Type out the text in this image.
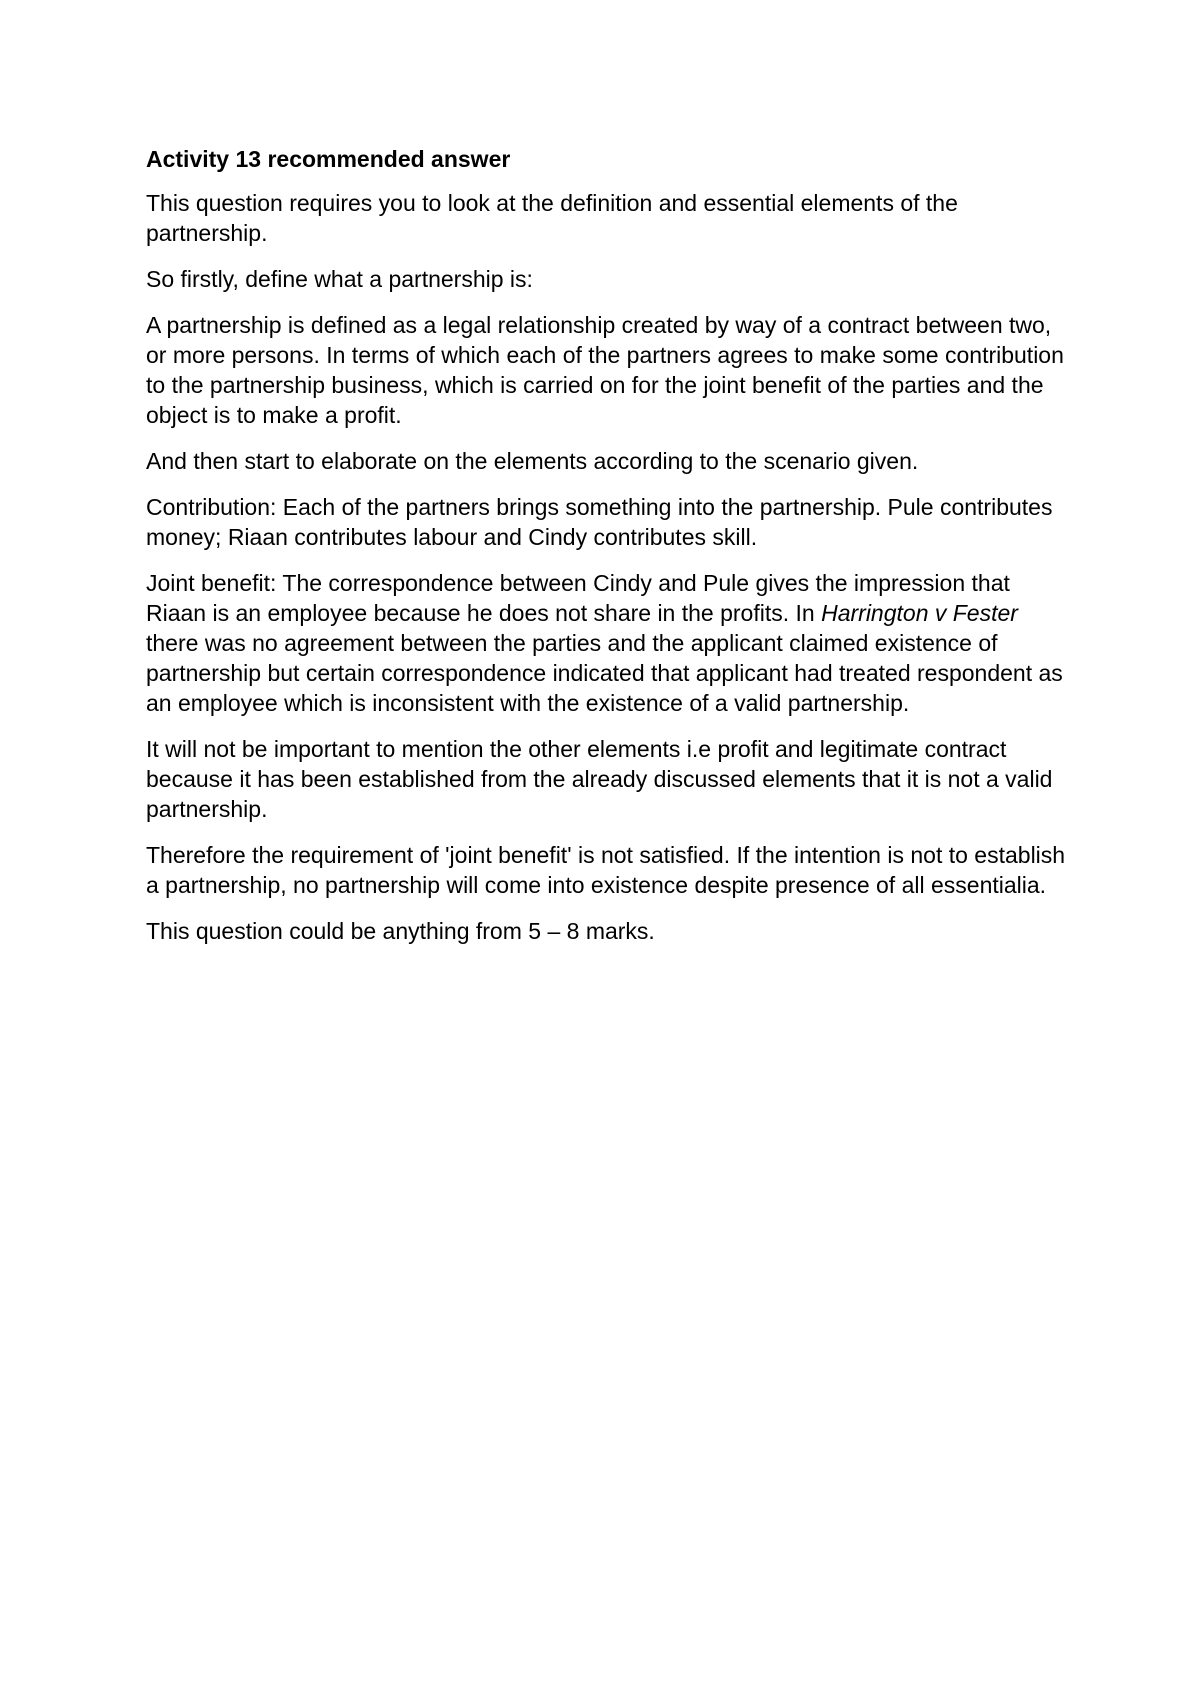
Activity 13 recommended answer

This question requires you to look at the definition and essential elements of the partnership.

So firstly, define what a partnership is:

A partnership is defined as a legal relationship created by way of a contract between two, or more persons. In terms of which each of the partners agrees to make some contribution to the partnership business, which is carried on for the joint benefit of the parties and the object is to make a profit.

And then start to elaborate on the elements according to the scenario given.

Contribution: Each of the partners brings something into the partnership. Pule contributes money; Riaan contributes labour and Cindy contributes skill.

Joint benefit: The correspondence between Cindy and Pule gives the impression that Riaan is an employee because he does not share in the profits. In Harrington v Fester there was no agreement between the parties and the applicant claimed existence of partnership but certain correspondence indicated that applicant had treated respondent as an employee which is inconsistent with the existence of a valid partnership.

It will not be important to mention the other elements i.e profit and legitimate contract because it has been established from the already discussed elements that it is not a valid partnership.

Therefore the requirement of 'joint benefit' is not satisfied. If the intention is not to establish a partnership, no partnership will come into existence despite presence of all essentialia.

This question could be anything from 5 – 8 marks.
